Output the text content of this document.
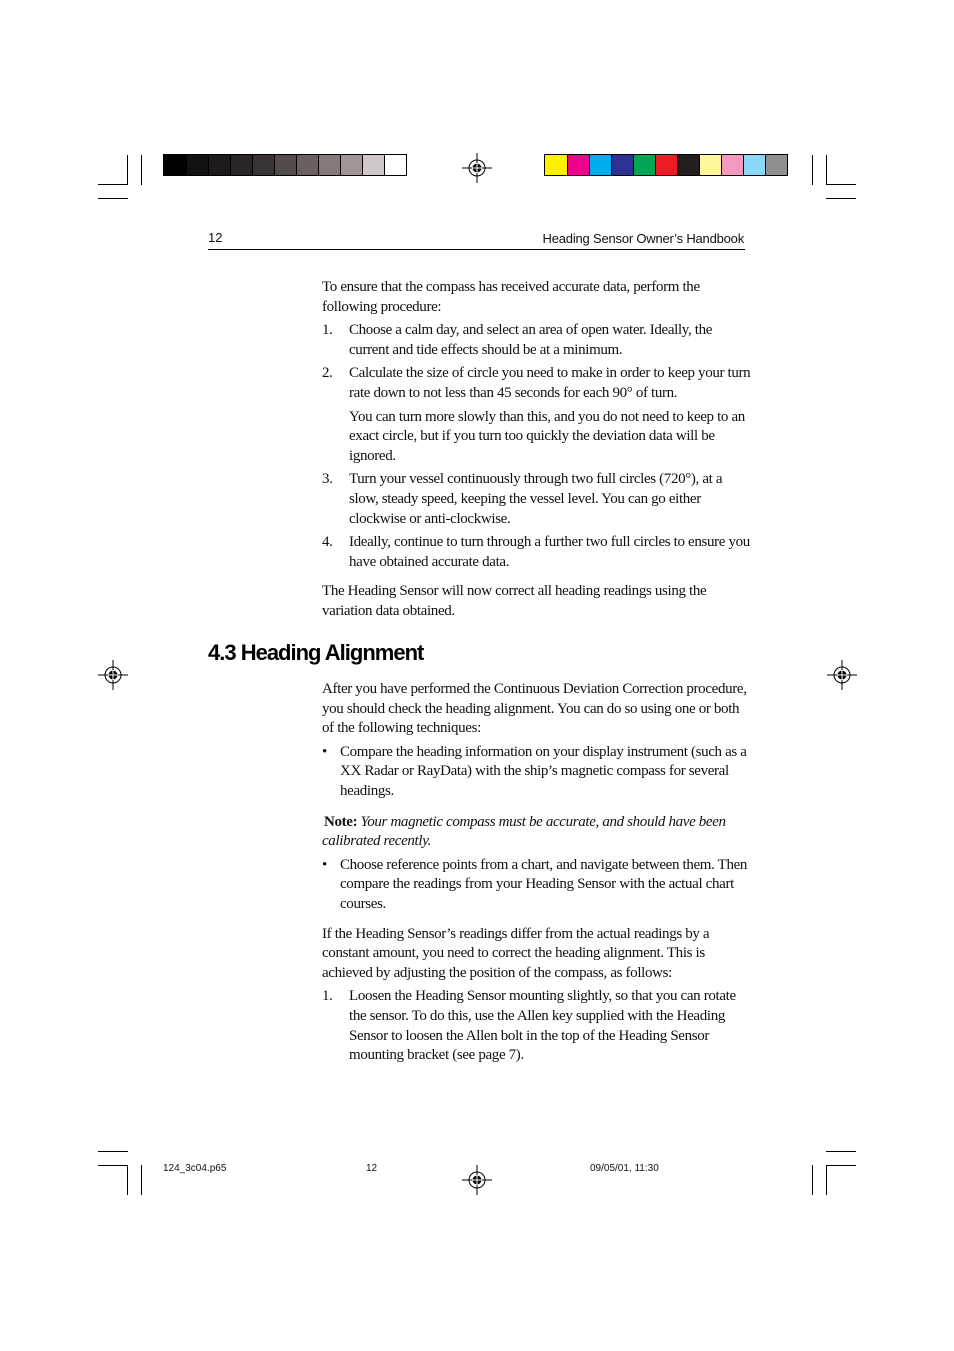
12	Heading Sensor Owner’s Handbook

To ensure that the compass has received accurate data, perform the following procedure:

1. Choose a calm day, and select an area of open water. Ideally, the current and tide effects should be at a minimum.
2. Calculate the size of circle you need to make in order to keep your turn rate down to not less than 45 seconds for each 90° of turn.
You can turn more slowly than this, and you do not need to keep to an exact circle, but if you turn too quickly the deviation data will be ignored.
3. Turn your vessel continuously through two full circles (720°), at a slow, steady speed, keeping the vessel level. You can go either clockwise or anti-clockwise.
4. Ideally, continue to turn through a further two full circles to ensure you have obtained accurate data.

The Heading Sensor will now correct all heading readings using the variation data obtained.

4.3 Heading Alignment

After you have performed the Continuous Deviation Correction procedure, you should check the heading alignment. You can do so using one or both of the following techniques:

• Compare the heading information on your display instrument (such as a XX Radar or RayData) with the ship’s magnetic compass for several headings.

Note: Your magnetic compass must be accurate, and should have been calibrated recently.

• Choose reference points from a chart, and navigate between them. Then compare the readings from your Heading Sensor with the actual chart courses.

If the Heading Sensor’s readings differ from the actual readings by a constant amount, you need to correct the heading alignment. This is achieved by adjusting the position of the compass, as follows:

1. Loosen the Heading Sensor mounting slightly, so that you can rotate the sensor. To do this, use the Allen key supplied with the Heading Sensor to loosen the Allen bolt in the top of the Heading Sensor mounting bracket (see page 7).
124_3c04.p65	12	09/05/01, 11:30
